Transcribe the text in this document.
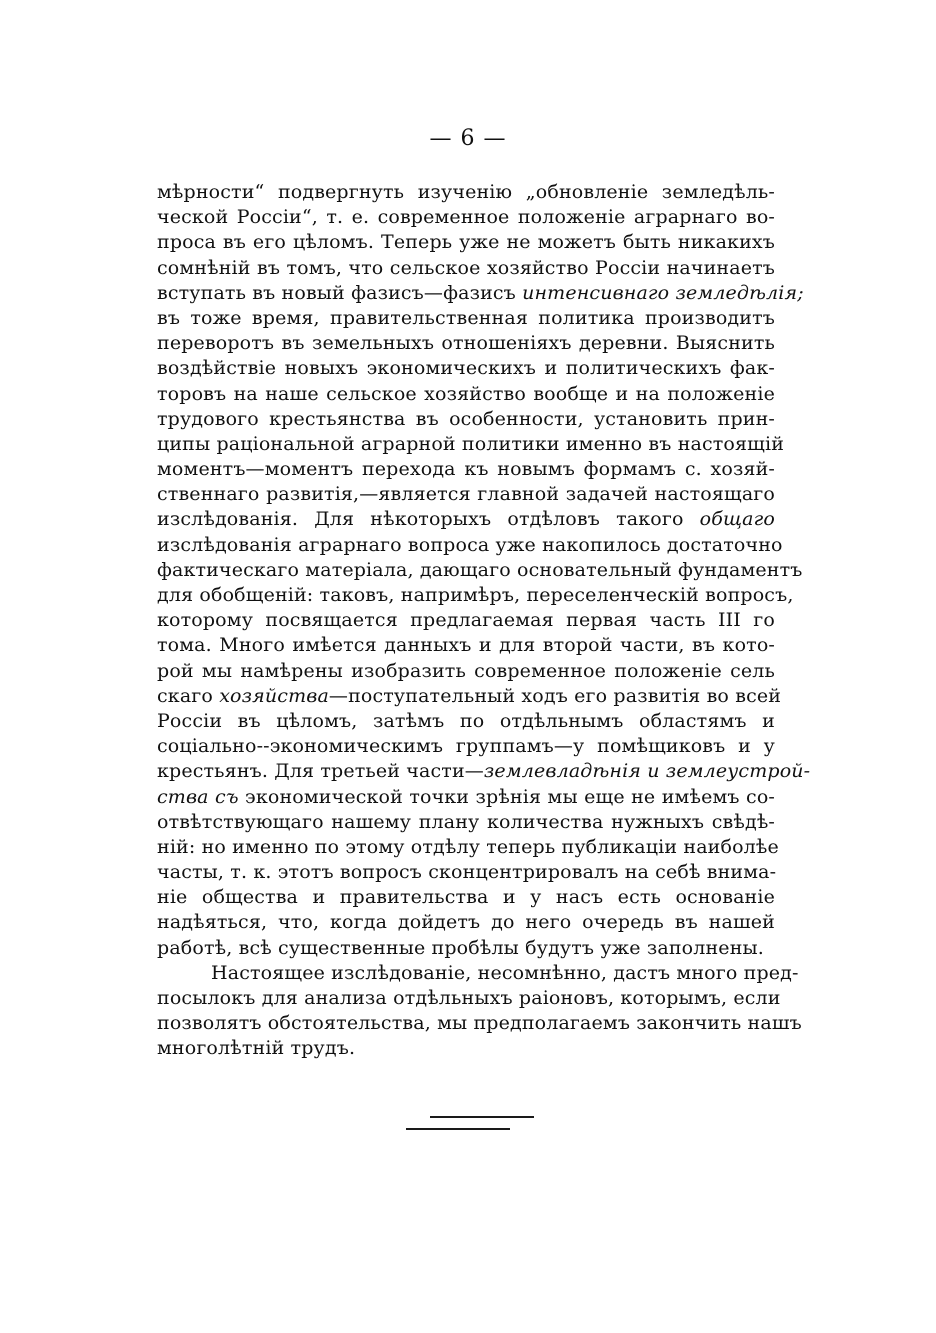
— 6 —
мѣрности“ подвергнуть изученію „обновленіе земледѣль-
ческой Россіи“, т. е. современное положеніе аграрнаго во-
проса въ его цѣломъ. Теперь уже не можетъ быть никакихъ
сомнѣній въ томъ, что сельское хозяйство Россіи начинаетъ
вступать въ новый фазисъ—фазисъ интенсивнаго земледѣлія;
въ тоже время, правительственная политика производитъ
переворотъ въ земельныхъ отношеніяхъ деревни. Выяснить
воздѣйствіе новыхъ экономическихъ и политическихъ фак-
торовъ на наше сельское хозяйство вообще и на положеніе
трудового крестьянства въ особенности, установить прин-
ципы раціональной аграрной политики именно въ настоящій
моментъ—моментъ перехода къ новымъ формамъ с. хозяй-
ственнаго развитія,—является главной задачей настоящаго
изслѣдованія. Для нѣкоторыхъ отдѣловъ такого общаго
изслѣдованія аграрнаго вопроса уже накопилось достаточно
фактическаго матеріала, дающаго основательный фундаментъ
для обобщеній: таковъ, напримѣръ, переселенческій вопросъ,
которому посвящается предлагаемая первая часть III го
тома. Много имѣется данныхъ и для второй части, въ кото-
рой мы намѣрены изобразить современное положеніе сель
скаго хозяйства—поступательный ходъ его развитія во всей
Россіи въ цѣломъ, затѣмъ по отдѣльнымъ областямъ и
соціально--экономическимъ группамъ—у помѣщиковъ и у
крестьянъ. Для третьей части—землевладѣнія и землеустрой-
ства съ экономической точки зрѣнія мы еще не имѣемъ со-
отвѣтствующаго нашему плану количества нужныхъ свѣдѣ-
ній: но именно по этому отдѣлу теперь публикаціи наиболѣе
часты, т. к. этотъ вопросъ сконцентрировалъ на себѣ внима-
ніе общества и правительства и у насъ есть основаніе
надѣяться, что, когда дойдетъ до него очередь въ нашей
работѣ, всѣ существенные пробѣлы будутъ уже заполнены.
Настоящее изслѣдованіе, несомнѣнно, дастъ много пред-
посылокъ для анализа отдѣльныхъ раіоновъ, которымъ, если
позволятъ обстоятельства, мы предполагаемъ закончить нашъ
многолѣтній трудъ.
